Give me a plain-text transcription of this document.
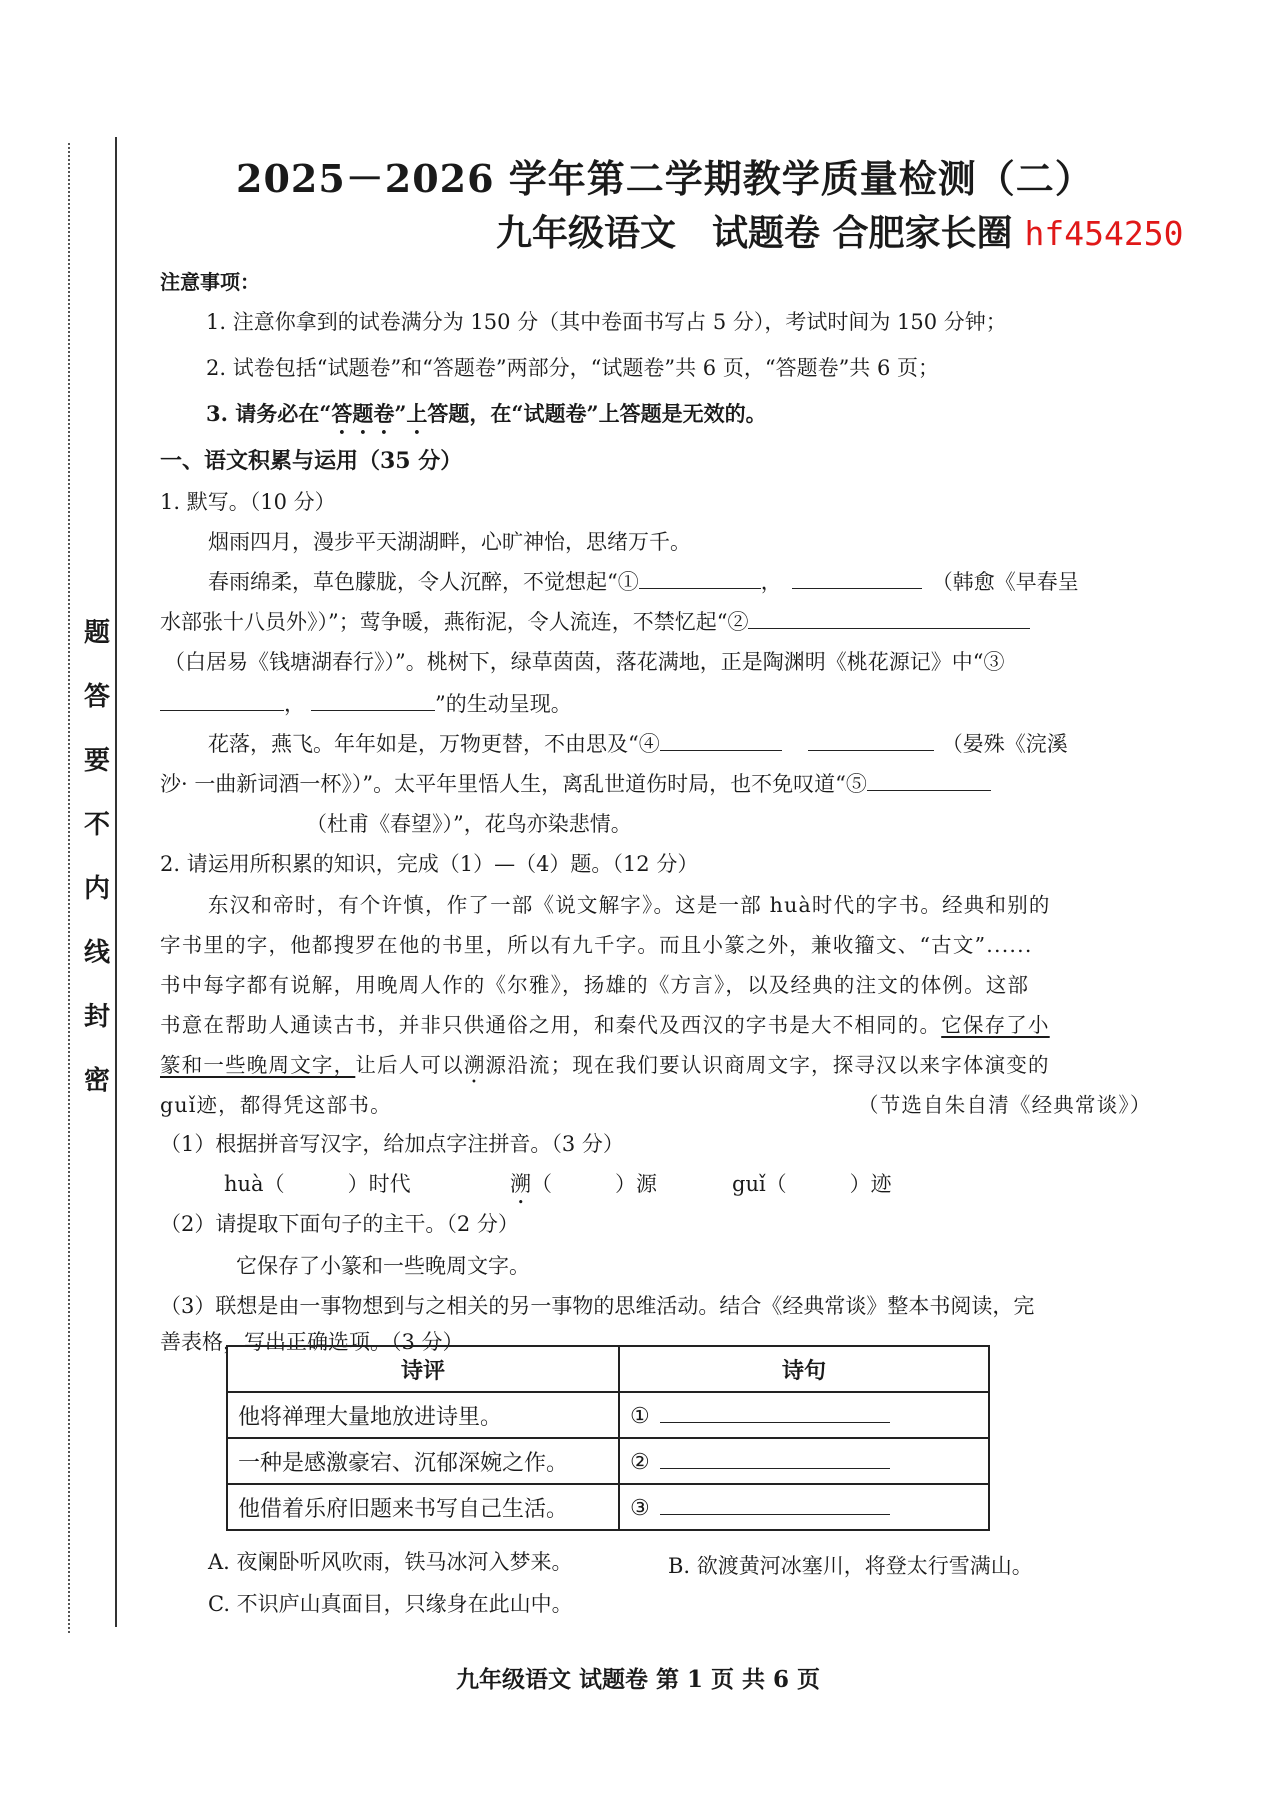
题
答
要
不
内
线
封
密
2025－2026 学年第二学期教学质量检测（二）
九年级语文　试题卷 合肥家长圈 hf454250
注意事项：
1. 注意你拿到的试卷满分为 150 分（其中卷面书写占 5 分），考试时间为 150 分钟；
2. 试卷包括“试题卷”和“答题卷”两部分，“试题卷”共 6 页，“答题卷”共 6 页；
3. 请务必在“答题卷”上答题，在“试题卷”上答题是无效的。
一、语文积累与运用（35 分）
1. 默写。（10 分）
烟雨四月，漫步平天湖湖畔，心旷神怡，思绪万千。
春雨绵柔，草色朦胧，令人沉醉，不觉想起“①	，	（韩愈《早春呈
水部张十八员外》）”；莺争暖，燕衔泥，令人流连，不禁忆起“②
（白居易《钱塘湖春行》）”。桃树下，绿草茵茵，落花满地，正是陶渊明《桃花源记》中“③
，	”的生动呈现。
花落，燕飞。年年如是，万物更替，不由思及“④	（晏殊《浣溪
沙· 一曲新词酒一杯》）”。太平年里悟人生，离乱世道伤时局，也不免叹道“⑤
（杜甫《春望》）”，花鸟亦染悲情。
2. 请运用所积累的知识，完成（1）—（4）题。（12 分）
东汉和帝时，有个许慎，作了一部《说文解字》。这是一部 huà时代的字书。经典和别的
字书里的字，他都搜罗在他的书里，所以有九千字。而且小篆之外，兼收籀文、“古文”......
书中每字都有说解，用晚周人作的《尔雅》，扬雄的《方言》，以及经典的注文的体例。这部
书意在帮助人通读古书，并非只供通俗之用，和秦代及西汉的字书是大不相同的。它保存了小
篆和一些晚周文字，让后人可以溯源沿流；现在我们要认识商周文字，探寻汉以来字体演变的
guǐ迹，都得凭这部书。	（节选自朱自清《经典常谈》）
（1）根据拼音写汉字，给加点字注拼音。（3 分）
huà（　　　）时代	溯（　　　）源	guǐ（　　　）迹
（2）请提取下面句子的主干。（2 分）
它保存了小篆和一些晚周文字。
（3）联想是由一事物想到与之相关的另一事物的思维活动。结合《经典常谈》整本书阅读，完
善表格，写出正确选项。（3 分）
诗评	诗句
他将禅理大量地放进诗里。	①
一种是感激豪宕、沉郁深婉之作。	②
他借着乐府旧题来书写自己生活。	③
A. 夜阑卧听风吹雨，铁马冰河入梦来。	B. 欲渡黄河冰塞川，将登太行雪满山。
C. 不识庐山真面目，只缘身在此山中。
九年级语文 试题卷 第 1 页 共 6 页
